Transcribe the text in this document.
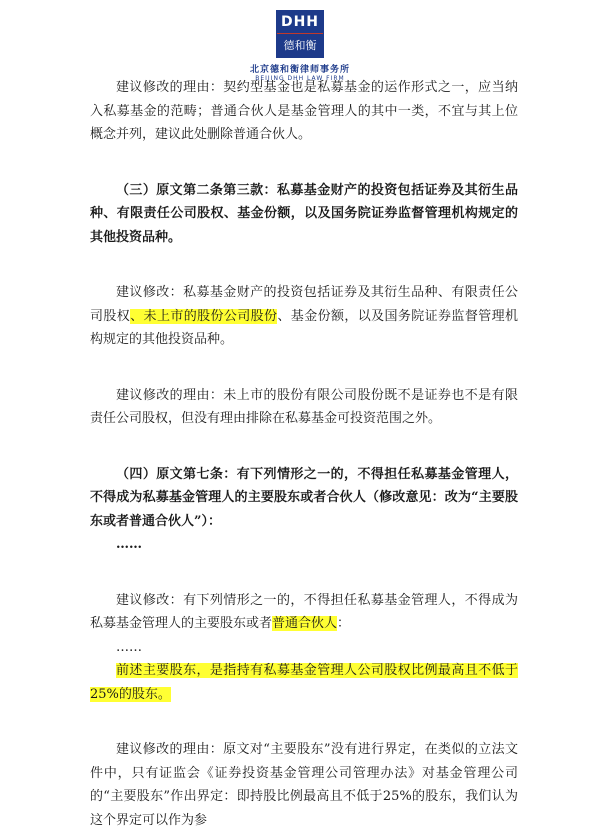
DHH
德和衡
北京德和衡律师事务所
BEIJING DHH LAW FIRM

建议修改的理由：契约型基金也是私募基金的运作形式之一，应当纳入私募基金的范畴；普通合伙人是基金管理人的其中一类，不宜与其上位概念并列，建议此处删除普通合伙人。

（三）原文第二条第三款：私募基金财产的投资包括证券及其衍生品种、有限责任公司股权、基金份额，以及国务院证券监督管理机构规定的其他投资品种。

建议修改：私募基金财产的投资包括证券及其衍生品种、有限责任公司股权、未上市的股份公司股份、基金份额，以及国务院证券监督管理机构规定的其他投资品种。

建议修改的理由：未上市的股份有限公司股份既不是证券也不是有限责任公司股权，但没有理由排除在私募基金可投资范围之外。

（四）原文第七条：有下列情形之一的，不得担任私募基金管理人，不得成为私募基金管理人的主要股东或者合伙人（修改意见：改为“主要股东或者普通合伙人”）：

……

建议修改：有下列情形之一的，不得担任私募基金管理人，不得成为私募基金管理人的主要股东或者普通合伙人：

……

前述主要股东，是指持有私募基金管理人公司股权比例最高且不低于25%的股东。

建议修改的理由：原文对“主要股东”没有进行界定，在类似的立法文件中，只有证监会《证券投资基金管理公司管理办法》对基金管理公司的“主要股东”作出界定：即持股比例最高且不低于25%的股东，我们认为这个界定可以作为参
